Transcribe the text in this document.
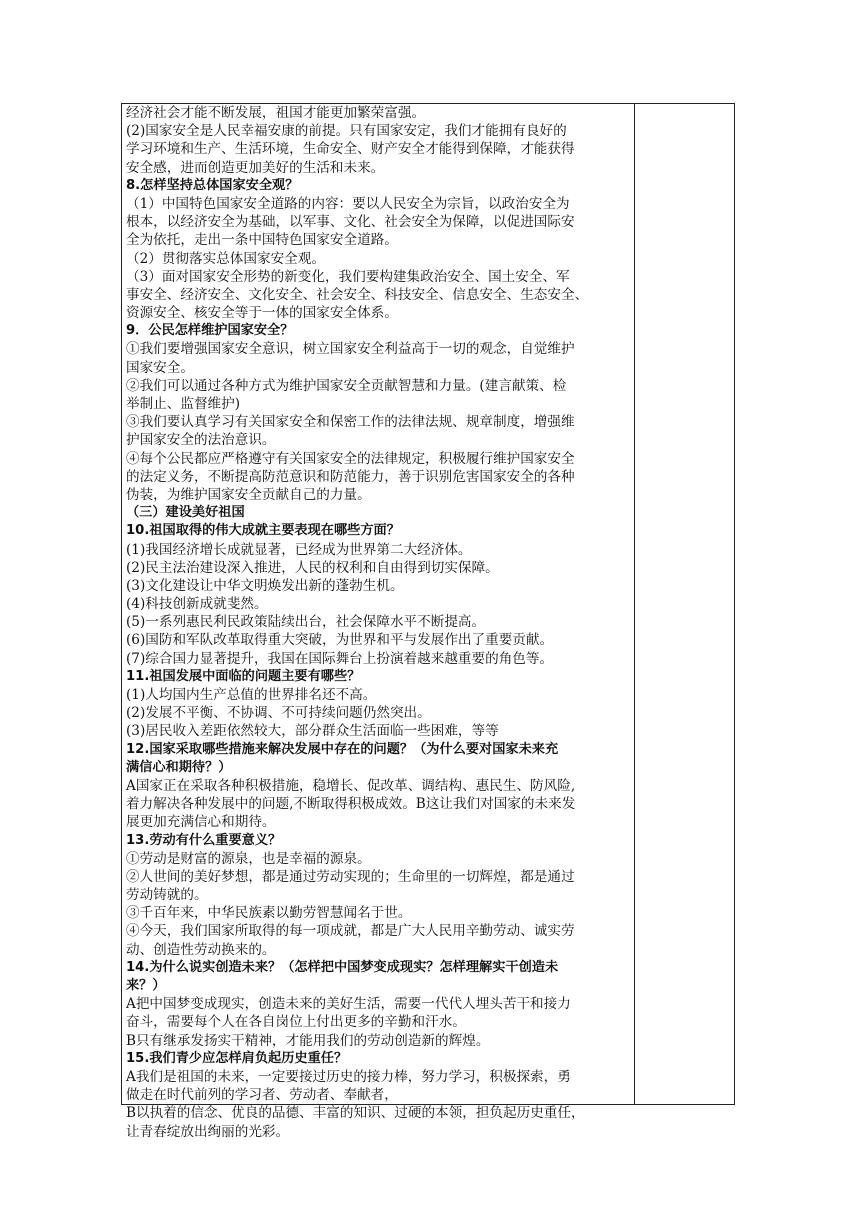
经济社会才能不断发展，祖国才能更加繁荣富强。
(2)国家安全是人民幸福安康的前提。只有国家安定，我们才能拥有良好的
学习环境和生产、生活环境，生命安全、财产安全才能得到保障，才能获得
安全感，进而创造更加美好的生活和未来。
8.怎样坚持总体国家安全观？
（1）中国特色国家安全道路的内容：要以人民安全为宗旨，以政治安全为
根本，以经济安全为基础，以军事、文化、社会安全为保障，以促进国际安
全为依托，走出一条中国特色国家安全道路。
（2）贯彻落实总体国家安全观。
（3）面对国家安全形势的新变化，我们要构建集政治安全、国土安全、军
事安全、经济安全、文化安全、社会安全、科技安全、信息安全、生态安全、
资源安全、核安全等于一体的国家安全体系。
9．公民怎样维护国家安全？
①我们要增强国家安全意识，树立国家安全利益高于一切的观念，自觉维护
国家安全。
②我们可以通过各种方式为维护国家安全贡献智慧和力量。(建言献策、检
举制止、监督维护)
③我们要认真学习有关国家安全和保密工作的法律法规、规章制度，增强维
护国家安全的法治意识。
④每个公民都应严格遵守有关国家安全的法律规定，积极履行维护国家安全
的法定义务，不断提高防范意识和防范能力，善于识别危害国家安全的各种
伪装，为维护国家安全贡献自己的力量。
（三）建设美好祖国
10.祖国取得的伟大成就主要表现在哪些方面？
(1)我国经济增长成就显著，已经成为世界第二大经济体。
(2)民主法治建设深入推进，人民的权利和自由得到切实保障。
(3)文化建设让中华文明焕发出新的蓬勃生机。
(4)科技创新成就斐然。
(5)一系列惠民利民政策陆续出台，社会保障水平不断提高。
(6)国防和军队改革取得重大突破，为世界和平与发展作出了重要贡献。
(7)综合国力显著提升，我国在国际舞台上扮演着越来越重要的角色等。
11.祖国发展中面临的问题主要有哪些？
(1)人均国内生产总值的世界排名还不高。
(2)发展不平衡、不协调、不可持续问题仍然突出。
(3)居民收入差距依然较大，部分群众生活面临一些困难，等等
12.国家采取哪些措施来解决发展中存在的问题？（为什么要对国家未来充
满信心和期待？）
A国家正在采取各种积极措施，稳增长、促改革、调结构、惠民生、防风险,
着力解决各种发展中的问题,不断取得积极成效。B这让我们对国家的未来发
展更加充满信心和期待。
13.劳动有什么重要意义？
①劳动是财富的源泉，也是幸福的源泉。
②人世间的美好梦想，都是通过劳动实现的；生命里的一切辉煌，都是通过
劳动铸就的。
③千百年来，中华民族素以勤劳智慧闻名于世。
④今天，我们国家所取得的每一项成就，都是广大人民用辛勤劳动、诚实劳
动、创造性劳动换来的。
14.为什么说实创造未来？（怎样把中国梦变成现实？怎样理解实干创造未
来？）
A把中国梦变成现实，创造未来的美好生活，需要一代代人埋头苦干和接力
奋斗，需要每个人在各自岗位上付出更多的辛勤和汗水。
B只有继承发扬实干精神，才能用我们的劳动创造新的辉煌。
15.我们青少应怎样肩负起历史重任？
A我们是祖国的未来，一定要接过历史的接力棒，努力学习，积极探索，勇
做走在时代前列的学习者、劳动者、奉献者，
B以执着的信念、优良的品德、丰富的知识、过硬的本领，担负起历史重任，
让青春绽放出绚丽的光彩。
